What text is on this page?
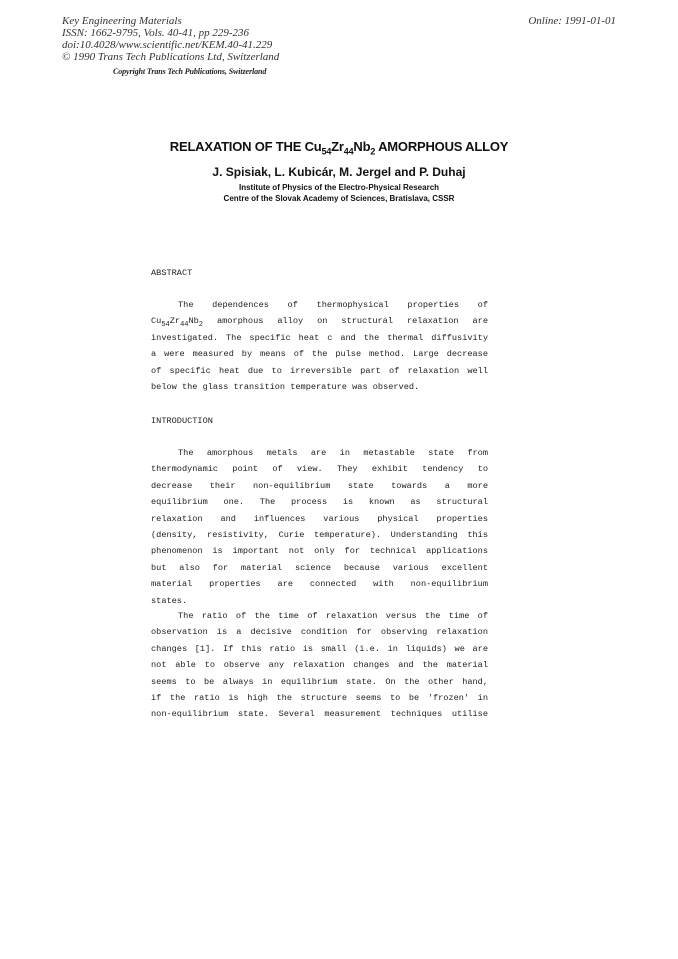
Key Engineering Materials
ISSN: 1662-9795, Vols. 40-41, pp 229-236
doi:10.4028/www.scientific.net/KEM.40-41.229
© 1990 Trans Tech Publications Ltd, Switzerland
Online: 1991-01-01
Copyright Trans Tech Publications, Switzerland
RELAXATION OF THE $Cu_{54}Zr_{44}Nb_2$ AMORPHOUS ALLOY
J. Spisiak, L. Kubicár, M. Jergel and P. Duhaj
Institute of Physics of the Electro-Physical Research
Centre of the Slovak Academy of Sciences, Bratislava, CSSR
ABSTRACT
The dependences of thermophysical properties of
$Cu_{54}Zr_{44}Nb_2$ amorphous alloy on structural relaxation are
investigated. The specific heat c and the thermal diffusivity
a were measured by means of the pulse method. Large decrease
of specific heat due to irreversible part of relaxation well
below the glass transition temperature was observed.
INTRODUCTION
The amorphous metals are in metastable state from
thermodynamic point of view. They exhibit tendency to
decrease their non-equilibrium state towards a more
equilibrium one. The process is known as structural
relaxation and influences various physical properties
(density, resistivity, Curie temperature). Understanding this
phenomenon is important not only for technical applications
but also for material science because various excellent
material properties are connected with non-equilibrium
states.
The ratio of the time of relaxation versus the time of
observation is a decisive condition for observing relaxation
changes [1]. If this ratio is small (i.e. in liquids) we are
not able to observe any relaxation changes and the material
seems to be always in equilibrium state. On the other hand,
if the ratio is high the structure seems to be 'frozen' in
non-equilibrium state. Several measurement techniques utilise
